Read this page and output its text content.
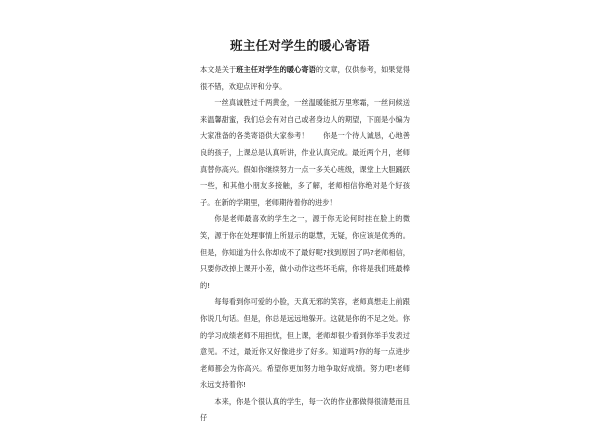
班主任对学生的暖心寄语

本文是关于班主任对学生的暖心寄语的文章，仅供参考，如果觉得很不错，欢迎点评和分享。

一丝真诚胜过千两黄金，一丝温暖能抵万里寒霜，一丝问候送来温馨甜蜜，我们总会有对自己或者身边人的期望，下面是小编为大家准备的各类寄语供大家参考！　　你是一个待人诚恳，心地善良的孩子，上课总是认真听讲，作业认真完成。最近两个月，老师真替你高兴。假如你继续努力一点一多关心班级，课堂上大胆踊跃一些，和其他小朋友多接触，多了解，老师相信你绝对是个好孩子。在新的学期里，老师期待着你的进步！

你是老师最喜欢的学生之一，源于你无论何时挂在脸上的微笑，源于你在处理事情上所显示的聪慧，无疑，你应该是优秀的。但是，你知道为什么你却成不了最好呢?找到原因了吗?老师相信，只要你改掉上课开小差，做小动作这些坏毛病，你将是我们班最棒的!

每每看到你可爱的小脸，天真无邪的笑容，老师真想走上前跟你说几句话。但是，你总是远远地躲开。这就是你的不足之处。你的学习成绩老师不用担忧，但上课，老师却很少看到你举手发表过意见。不过，最近你又好像进步了好多。知道吗?你的每一点进步老师都会为你高兴。希望你更加努力地争取好成绩。努力吧!老师永远支持着你!

本来，你是个很认真的学生，每一次的作业都做得很清楚而且仔
